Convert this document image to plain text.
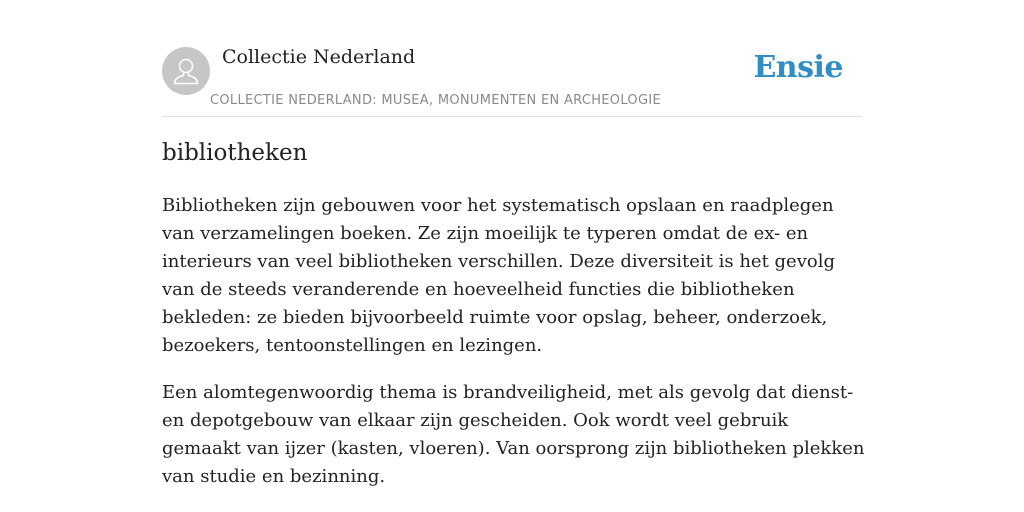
Collectie Nederland
COLLECTIE NEDERLAND: MUSEA, MONUMENTEN EN ARCHEOLOGIE
Ensie
bibliotheken

Bibliotheken zijn gebouwen voor het systematisch opslaan en raadplegen van verzamelingen boeken. Ze zijn moeilijk te typeren omdat de ex- en interieurs van veel bibliotheken verschillen. Deze diversiteit is het gevolg van de steeds veranderende en hoeveelheid functies die bibliotheken bekleden: ze bieden bijvoorbeeld ruimte voor opslag, beheer, onderzoek, bezoekers, tentoonstellingen en lezingen.

Een alomtegenwoordig thema is brandveiligheid, met als gevolg dat dienst- en depotgebouw van elkaar zijn gescheiden. Ook wordt veel gebruik gemaakt van ijzer (kasten, vloeren). Van oorsprong zijn bibliotheken plekken van studie en bezinning.
